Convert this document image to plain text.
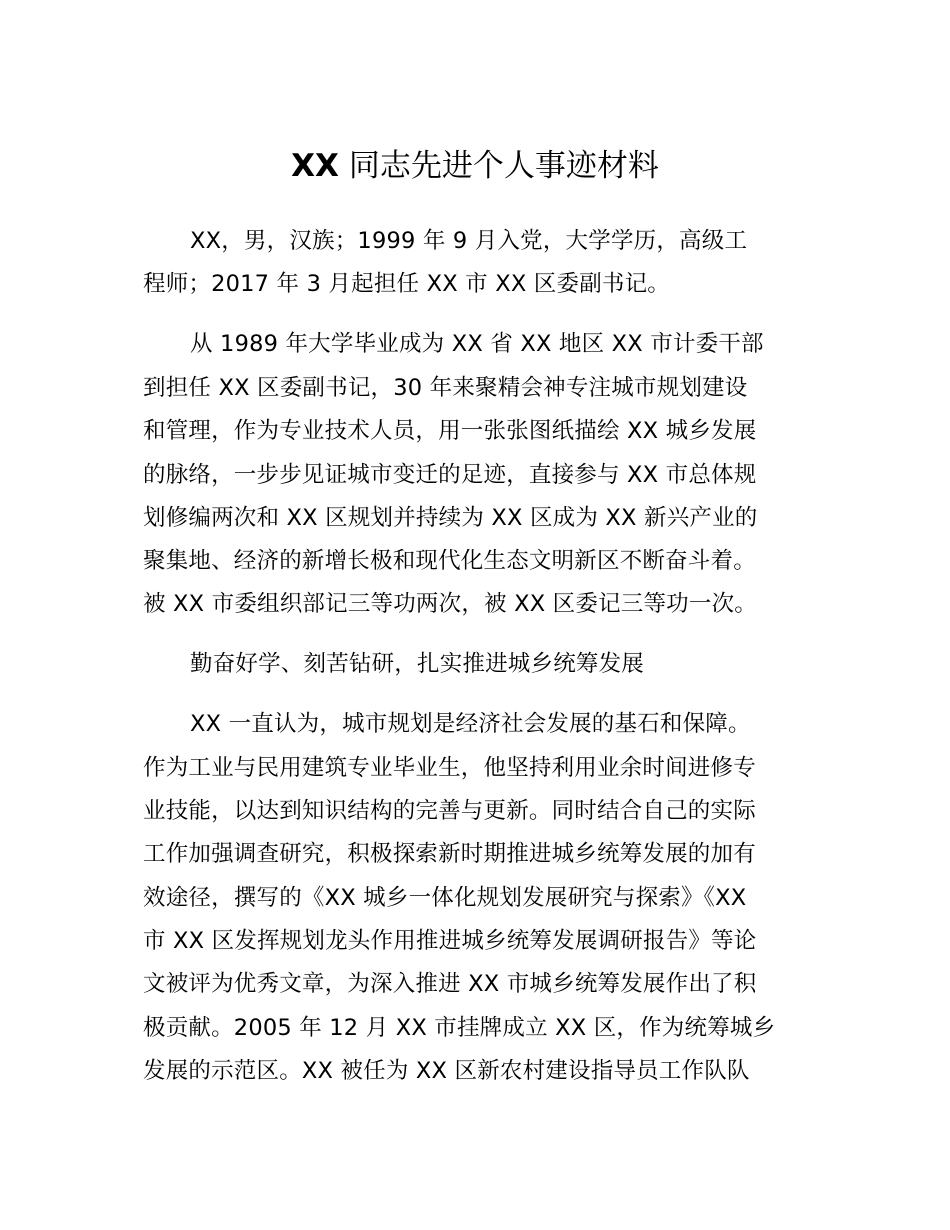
XX 同志先进个人事迹材料
XX，男，汉族；1999 年 9 月入党，大学学历，高级工
程师；2017 年 3 月起担任 XX 市 XX 区委副书记。
从 1989 年大学毕业成为 XX 省 XX 地区 XX 市计委干部
到担任 XX 区委副书记，30 年来聚精会神专注城市规划建设
和管理，作为专业技术人员，用一张张图纸描绘 XX 城乡发展
的脉络，一步步见证城市变迁的足迹，直接参与 XX 市总体规
划修编两次和 XX 区规划并持续为 XX 区成为 XX 新兴产业的
聚集地、经济的新增长极和现代化生态文明新区不断奋斗着。
被 XX 市委组织部记三等功两次，被 XX 区委记三等功一次。
勤奋好学、刻苦钻研，扎实推进城乡统筹发展
XX 一直认为，城市规划是经济社会发展的基石和保障。
作为工业与民用建筑专业毕业生，他坚持利用业余时间进修专
业技能，以达到知识结构的完善与更新。同时结合自己的实际
工作加强调查研究，积极探索新时期推进城乡统筹发展的加有
效途径，撰写的《XX 城乡一体化规划发展研究与探索》《XX
市 XX 区发挥规划龙头作用推进城乡统筹发展调研报告》等论
文被评为优秀文章，为深入推进 XX 市城乡统筹发展作出了积
极贡献。2005 年 12 月 XX 市挂牌成立 XX 区，作为统筹城乡
发展的示范区。XX 被任为 XX 区新农村建设指导员工作队队
